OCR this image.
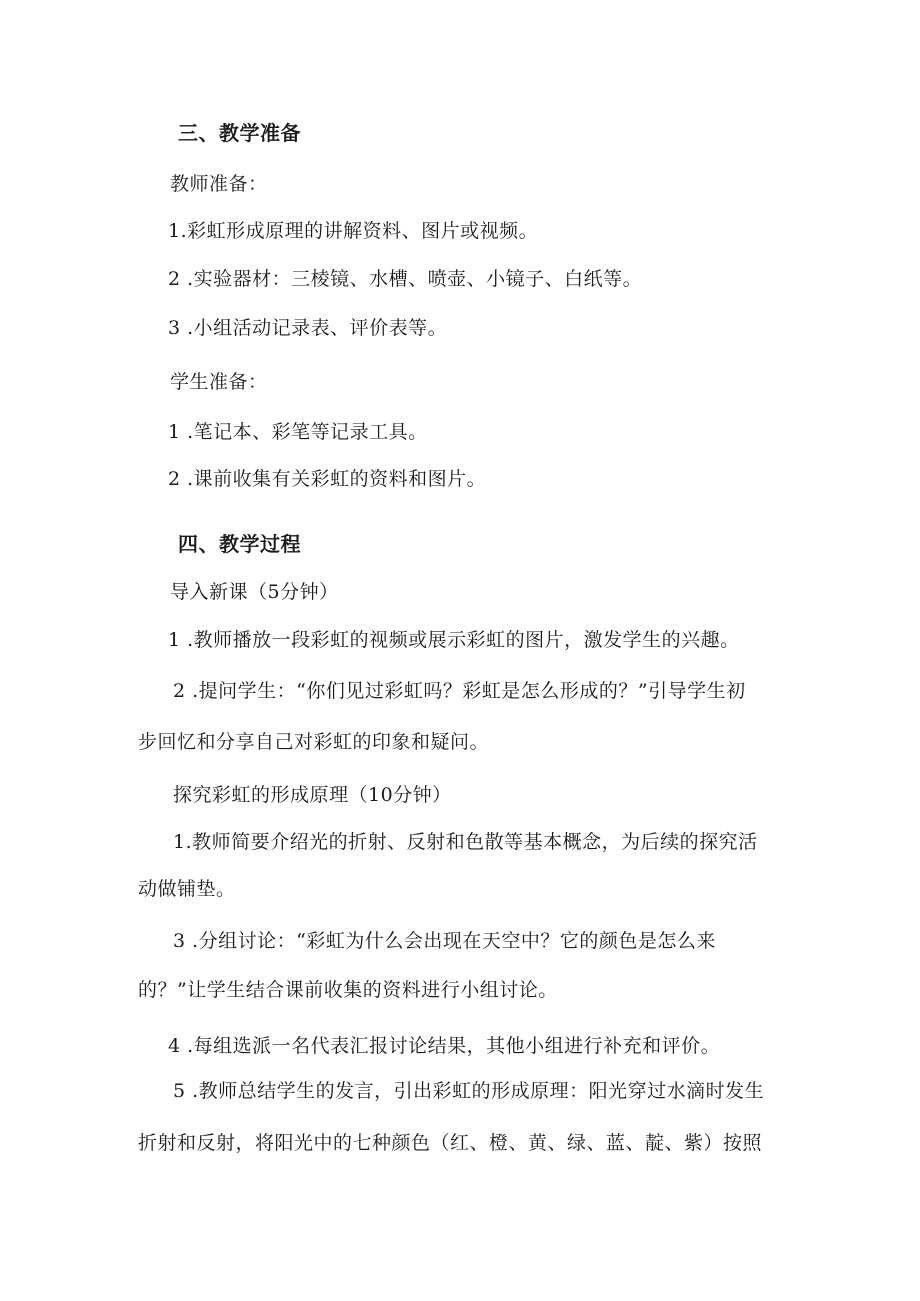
三、教学准备
教师准备：
1.彩虹形成原理的讲解资料、图片或视频。
2 .实验器材：三棱镜、水槽、喷壶、小镜子、白纸等。
3 .小组活动记录表、评价表等。
学生准备：
1 .笔记本、彩笔等记录工具。
2 .课前收集有关彩虹的资料和图片。
四、教学过程
导入新课（5分钟）
1 .教师播放一段彩虹的视频或展示彩虹的图片，激发学生的兴趣。
2 .提问学生：“你们见过彩虹吗？彩虹是怎么形成的？”引导学生初
步回忆和分享自己对彩虹的印象和疑问。
探究彩虹的形成原理（10分钟）
1.教师简要介绍光的折射、反射和色散等基本概念，为后续的探究活
动做铺垫。
3 .分组讨论：“彩虹为什么会出现在天空中？它的颜色是怎么来
的？”让学生结合课前收集的资料进行小组讨论。
4 .每组选派一名代表汇报讨论结果，其他小组进行补充和评价。
5 .教师总结学生的发言，引出彩虹的形成原理：阳光穿过水滴时发生
折射和反射，将阳光中的七种颜色（红、橙、黄、绿、蓝、靛、紫）按照
